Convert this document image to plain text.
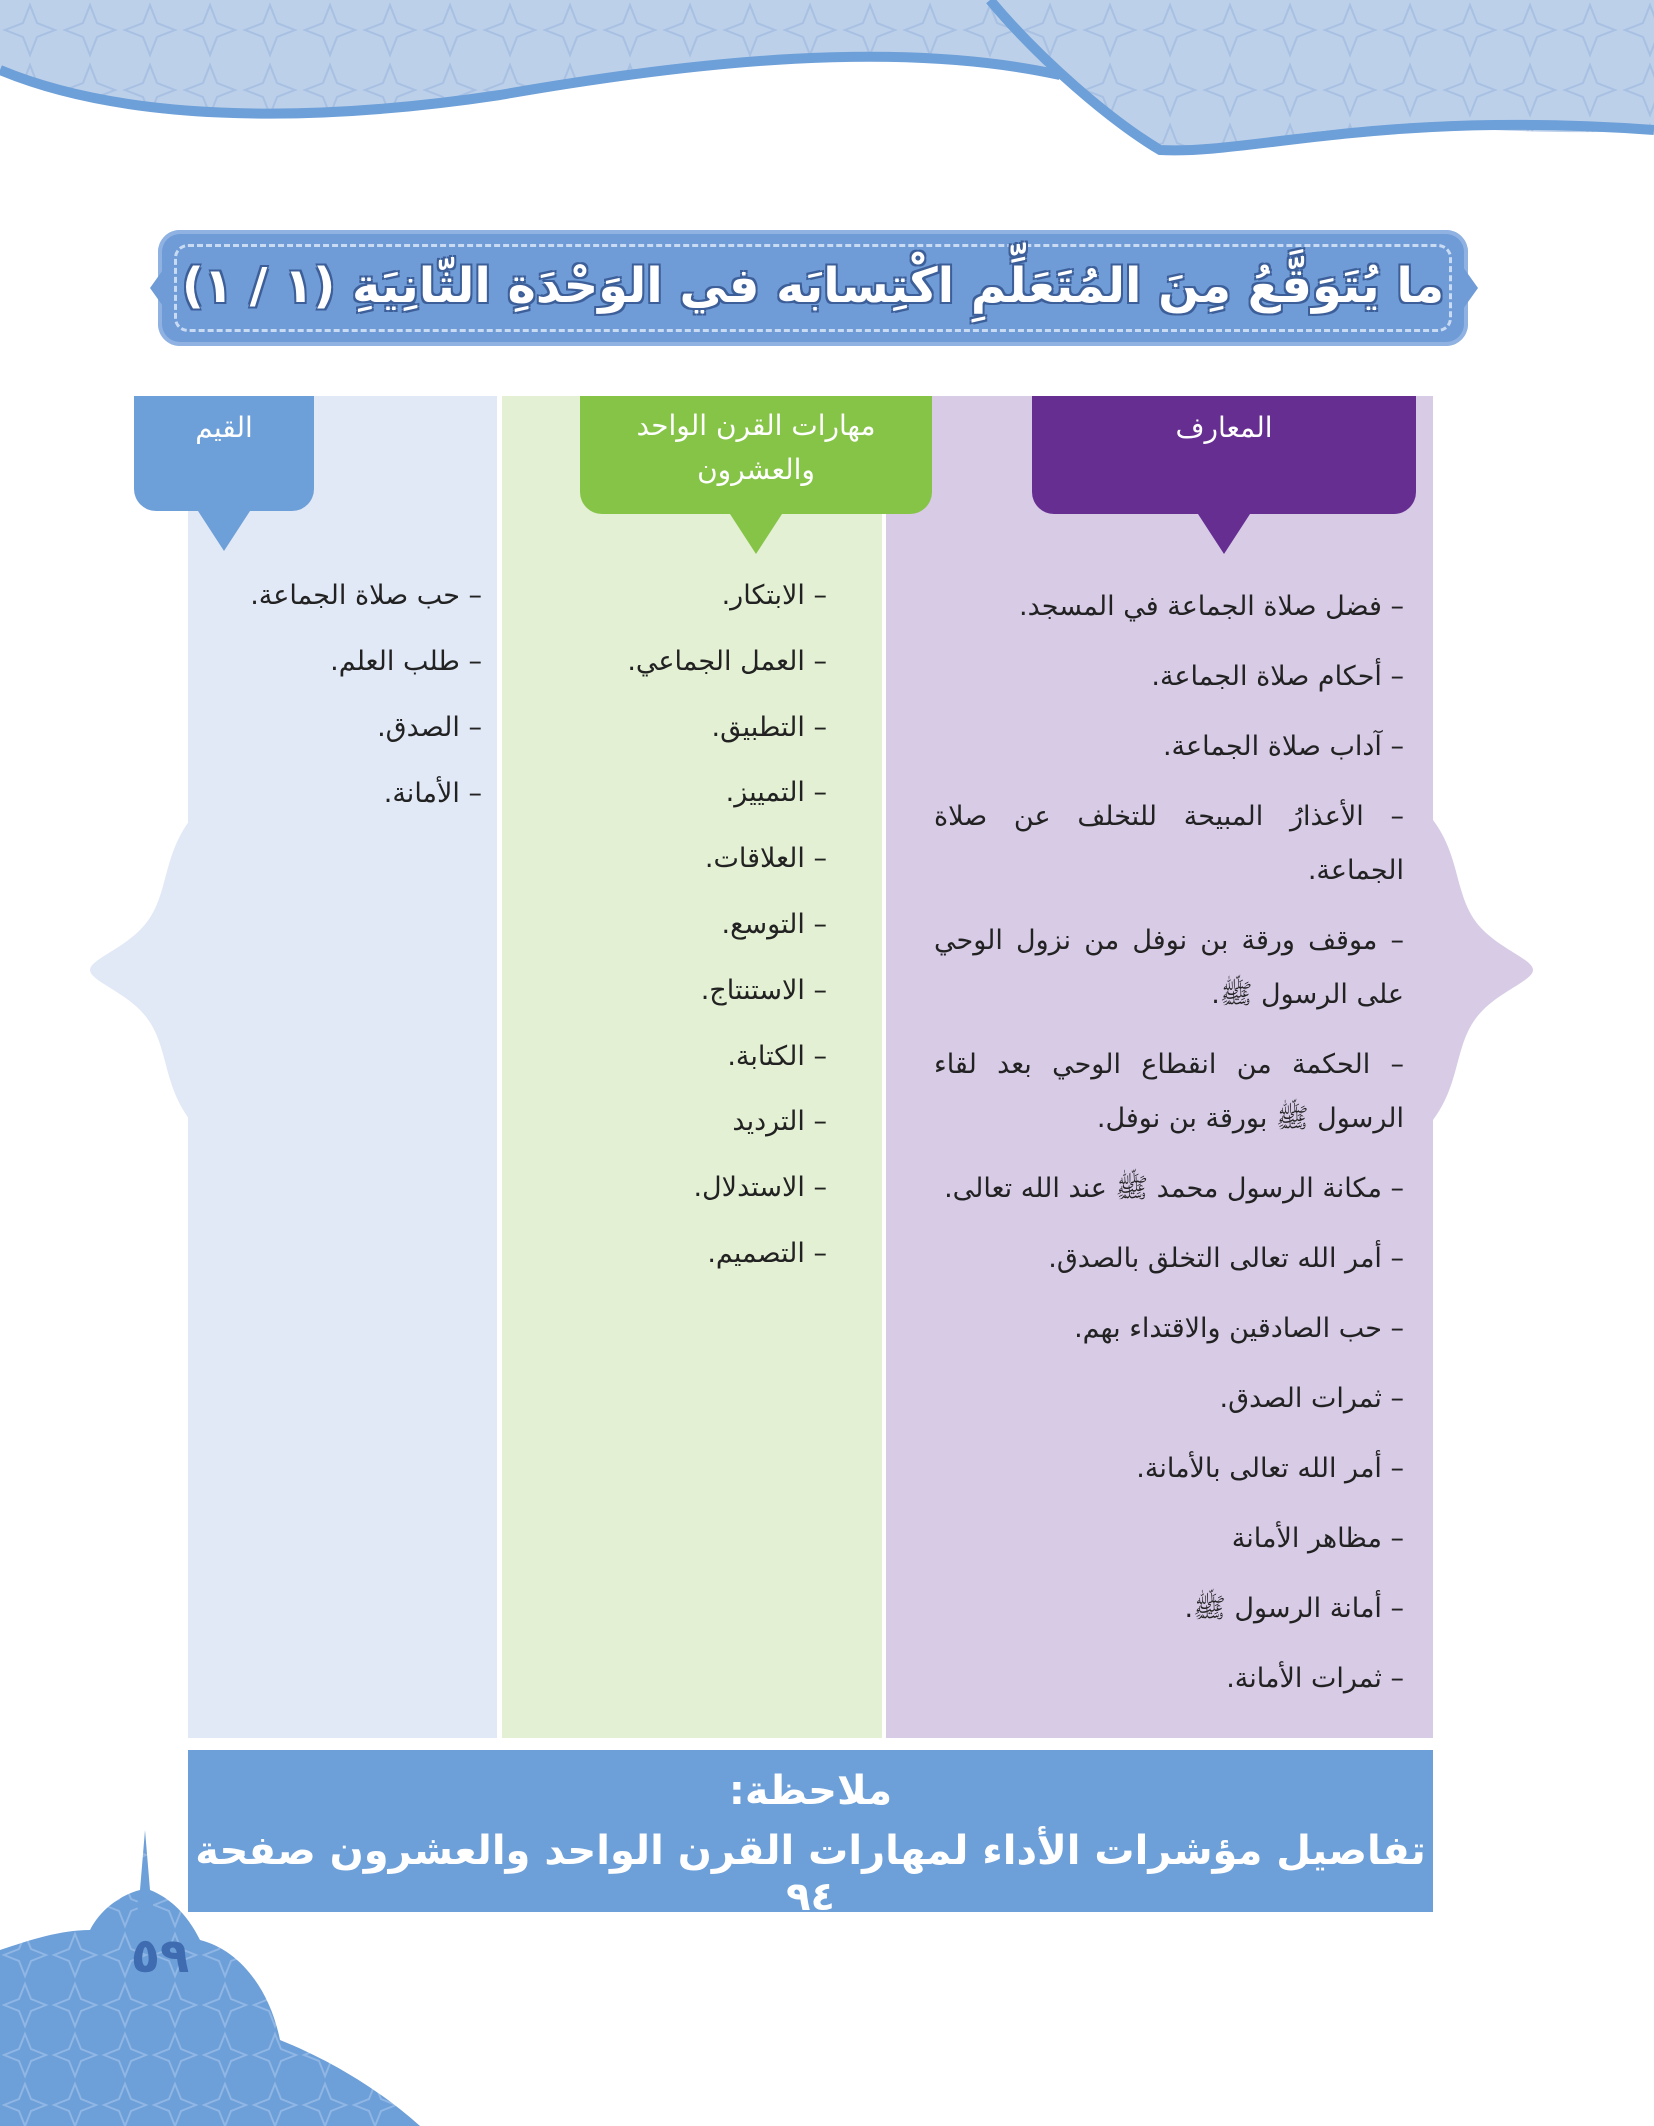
ما يُتَوَقَّعُ مِنَ المُتَعَلِّمِ اكْتِسابَه في الوَحْدَةِ الثّانِيَةِ (١ / ١)
القيم	مهارات القرن الواحد والعشرون
المعارف
– حب صلاة الجماعة.
– طلب العلم.
– الصدق.
– الأمانة.
– الابتكار.
– العمل الجماعي.
– التطبيق.
– التمييز.
– العلاقات.
– التوسع.
– الاستنتاج.
– الكتابة.
– الترديد
– الاستدلال.
– التصميم.
– فضل صلاة الجماعة في المسجد.
– أحكام صلاة الجماعة.
– آداب صلاة الجماعة.
– الأعذارُ المبيحة للتخلف عن صلاة الجماعة.
– موقف ورقة بن نوفل من نزول الوحي على الرسول ﷺ.
– الحكمة من انقطاع الوحي بعد لقاء الرسول ﷺ بورقة بن نوفل.
– مكانة الرسول محمد ﷺ عند الله تعالى.
– أمر الله تعالى التخلق بالصدق.
– حب الصادقين والاقتداء بهم.
– ثمرات الصدق.
– أمر الله تعالى بالأمانة.
– مظاهر الأمانة
– أمانة الرسول ﷺ.
– ثمرات الأمانة.
ملاحظة:
تفاصيل مؤشرات الأداء لمهارات القرن الواحد والعشرون صفحة ٩٤
٥٩
